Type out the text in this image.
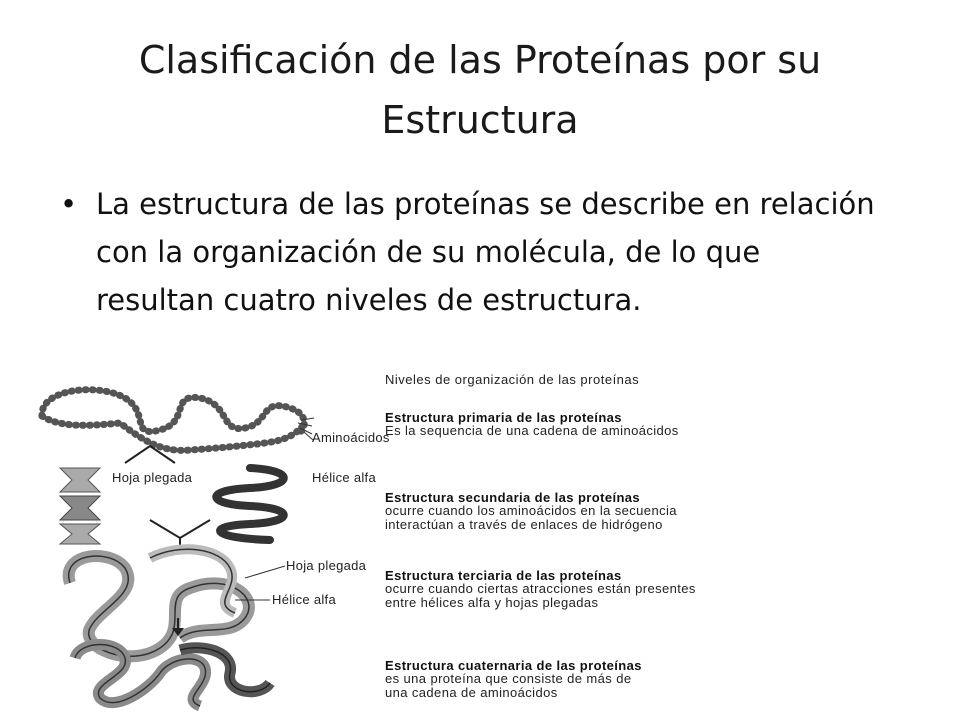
Clasificación de las Proteínas por su Estructura
• La estructura de las proteínas se describe en relación con la organización de su molécula, de lo que resultan cuatro niveles de estructura.
Niveles de organización de las proteínas
Estructura primaria de las proteínas
Es la sequencia de una cadena de aminoácidos
Estructura secundaria de las proteínas
ocurre cuando los aminoácidos en la secuencia
interactúan a través de enlaces de hidrógeno
Estructura terciaria de las proteínas
ocurre cuando ciertas atracciones están presentes
entre hélices alfa y hojas plegadas
Estructura cuaternaria de las proteínas
es una proteína que consiste de más de
una cadena de aminoácidos
Aminoácidos
Hoja plegada	Hélice alfa
Hoja plegada
Hélice alfa
